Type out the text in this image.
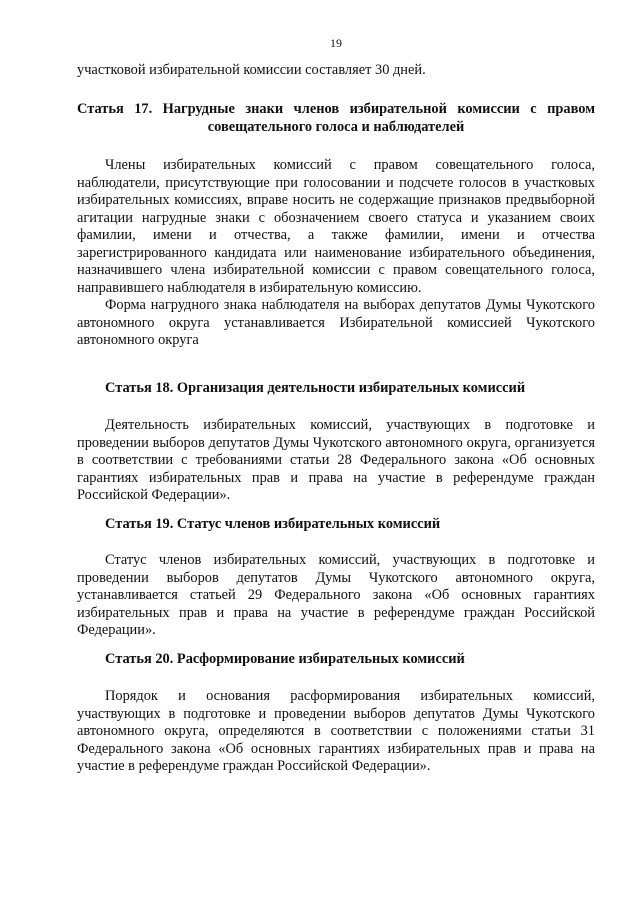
19

участковой избирательной комиссии составляет 30 дней.

Статья 17. Нагрудные знаки членов избирательной комиссии с правом совещательного голоса и наблюдателей

Члены избирательных комиссий с правом совещательного голоса, наблюдатели, присутствующие при голосовании и подсчете голосов в участковых избирательных комиссиях, вправе носить не содержащие признаков предвыборной агитации нагрудные знаки с обозначением своего статуса и указанием своих фамилии, имени и отчества, а также фамилии, имени и отчества зарегистрированного кандидата или наименование избирательного объединения, назначившего члена избирательной комиссии с правом совещательного голоса, направившего наблюдателя в избирательную комиссию.

Форма нагрудного знака наблюдателя на выборах депутатов Думы Чукотского автономного округа устанавливается Избирательной комиссией Чукотского автономного округа

Статья 18. Организация деятельности избирательных комиссий

Деятельность избирательных комиссий, участвующих в подготовке и проведении выборов депутатов Думы Чукотского автономного округа, организуется в соответствии с требованиями статьи 28 Федерального закона «Об основных гарантиях избирательных прав и права на участие в референдуме граждан Российской Федерации».

Статья 19. Статус членов избирательных комиссий

Статус членов избирательных комиссий, участвующих в подготовке и проведении выборов депутатов Думы Чукотского автономного округа, устанавливается статьей 29 Федерального закона «Об основных гарантиях избирательных прав и права на участие в референдуме граждан Российской Федерации».

Статья 20. Расформирование избирательных комиссий

Порядок и основания расформирования избирательных комиссий, участвующих в подготовке и проведении выборов депутатов Думы Чукотского автономного округа, определяются в соответствии с положениями статьи 31 Федерального закона «Об основных гарантиях избирательных прав и права на участие в референдуме граждан Российской Федерации».
